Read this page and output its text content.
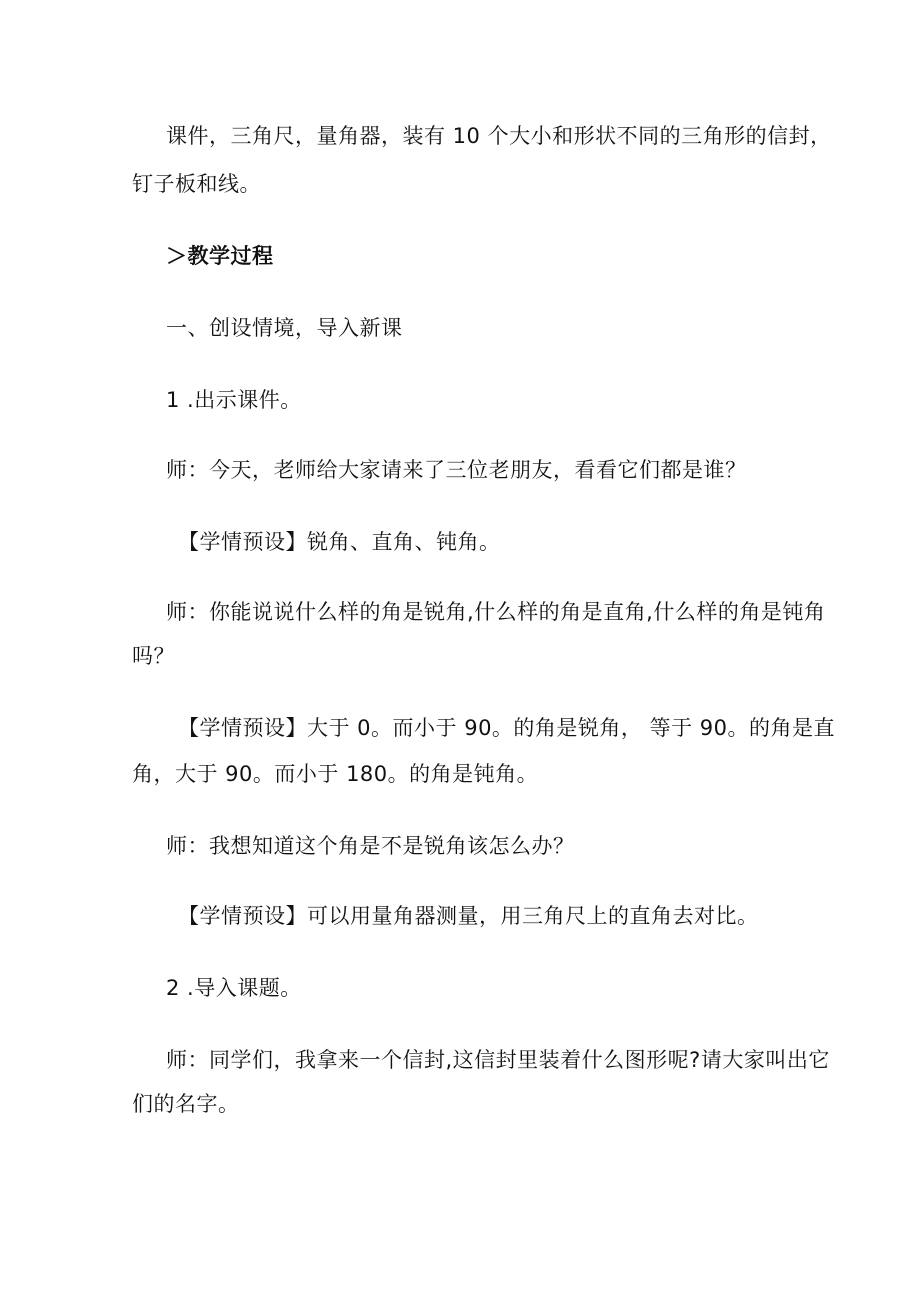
课件，三角尺，量角器，装有 10 个大小和形状不同的三角形的信封，
钉子板和线。
＞教学过程
一、创设情境，导入新课
1 .出示课件。
师：今天，老师给大家请来了三位老朋友，看看它们都是谁？
【学情预设】锐角、直角、钝角。
师：你能说说什么样的角是锐角,什么样的角是直角,什么样的角是钝角
吗？
【学情预设】大于 0。而小于 90。的角是锐角， 等于 90。的角是直
角，大于 90。而小于 180。的角是钝角。
师：我想知道这个角是不是锐角该怎么办？
【学情预设】可以用量角器测量，用三角尺上的直角去对比。
2 .导入课题。
师：同学们，我拿来一个信封,这信封里装着什么图形呢?请大家叫出它
们的名字。
